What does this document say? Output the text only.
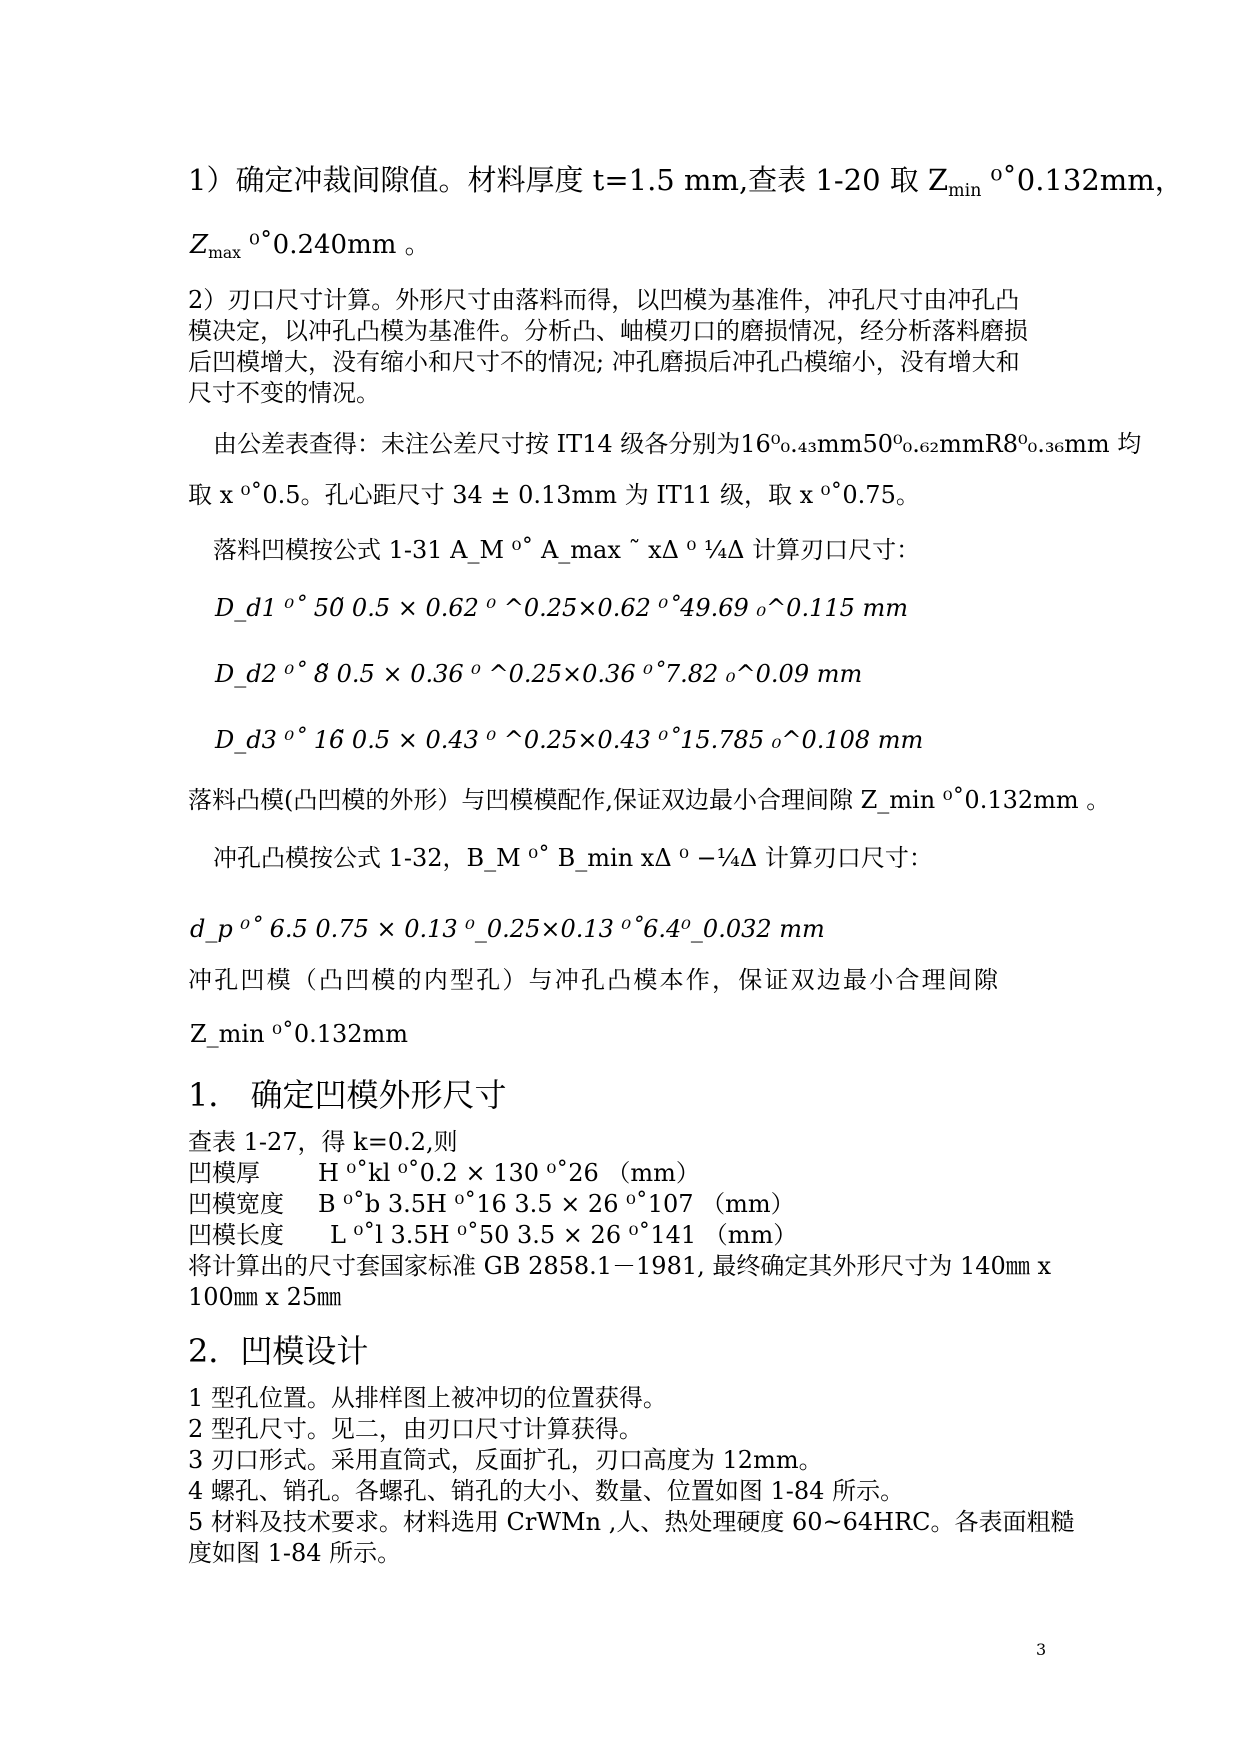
1）确定冲裁间隙值。材料厚度 t=1.5 mm,查表 1-20 取 $Z_{min}$ ⁰˚0.132mm，
$Z_{max}$ ⁰˚0.240mm 。
2）刃口尺寸计算。外形尺寸由落料而得，以凹模为基准件，冲孔尺寸由冲孔凸
模决定，以冲孔凸模为基准件。分析凸、岫模刃口的磨损情况，经分析落料磨损
后凹模增大，没有缩小和尺寸不的情况; 冲孔磨损后冲孔凸模缩小，没有增大和
尺寸不变的情况。
由公差表查得：未注公差尺寸按 IT14 级各分别为16⁰₀.₄₃mm50⁰₀.₆₂mmR8⁰₀.₃₆mm 均
取 x ⁰˚0.5。孔心距尺寸 34 ± 0.13mm 为 IT11 级，取 x ⁰˚0.75。
落料凹模按公式 1-31 A_M ⁰˚ A_max ˜ xΔ ⁰ ¼Δ 计算刃口尺寸：
D_d1 ⁰˚ 50̃ 0.5 × 0.62 ⁰ ^0.25×0.62 ⁰˚49.69 ₀^0.115 mm
D_d2 ⁰˚ 8̃ 0.5 × 0.36 ⁰ ^0.25×0.36 ⁰˚7.82 ₀^0.09 mm
D_d3 ⁰˚ 16̃ 0.5 × 0.43 ⁰ ^0.25×0.43 ⁰˚15.785 ₀^0.108 mm
落料凸模(凸凹模的外形）与凹模模配作,保证双边最小合理间隙 Z_min ⁰˚0.132mm 。
冲孔凸模按公式 1-32，B_M ⁰˚ B_min xΔ ⁰ −¼Δ 计算刃口尺寸：
d_p ⁰˚ 6.5 0.75 × 0.13 ⁰_0.25×0.13 ⁰˚6.4⁰_0.032 mm
冲孔凹模（凸凹模的内型孔）与冲孔凸模本作，保证双边最小合理间隙
Z_min ⁰˚0.132mm
1． 确定凹模外形尺寸
查表 1-27，得 k=0.2,则
凹模厚 H ⁰˚kl ⁰˚0.2 × 130 ⁰˚26 （mm）
凹模宽度 B ⁰˚b 3.5H ⁰˚16 3.5 × 26 ⁰˚107 （mm）
凹模长度 L ⁰˚l 3.5H ⁰˚50 3.5 × 26 ⁰˚141 （mm）
将计算出的尺寸套国家标准 GB 2858.1－1981, 最终确定其外形尺寸为 140㎜ x
100㎜ x 25㎜
2．凹模设计
1 型孔位置。从排样图上被冲切的位置获得。
2 型孔尺寸。见二，由刃口尺寸计算获得。
3 刃口形式。采用直筒式，反面扩孔，刃口高度为 12mm。
4 螺孔、销孔。各螺孔、销孔的大小、数量、位置如图 1-84 所示。
5 材料及技术要求。材料选用 CrWMn ,人、热处理硬度 60~64HRC。各表面粗糙
度如图 1-84 所示。
3
